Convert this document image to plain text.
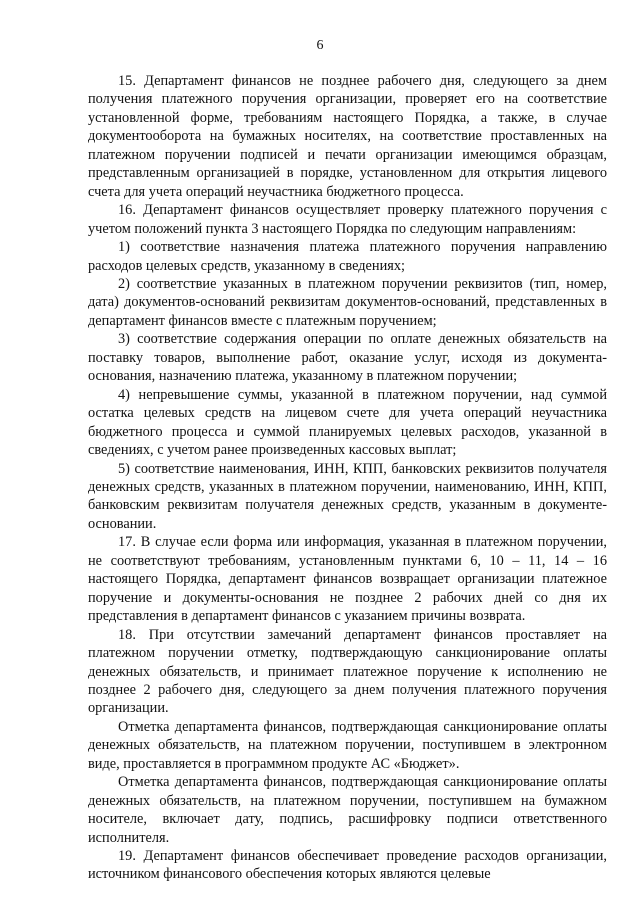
6

15. Департамент финансов не позднее рабочего дня, следующего за днем получения платежного поручения организации, проверяет его на соответствие установленной форме, требованиям настоящего Порядка, а также, в случае документооборота на бумажных носителях, на соответствие проставленных на платежном поручении подписей и печати организации имеющимся образцам, представленным организацией в порядке, установленном для открытия лицевого счета для учета операций неучастника бюджетного процесса.

16. Департамент финансов осуществляет проверку платежного поручения с учетом положений пункта 3 настоящего Порядка по следующим направлениям:

1) соответствие назначения платежа платежного поручения направлению расходов целевых средств, указанному в сведениях;

2) соответствие указанных в платежном поручении реквизитов (тип, номер, дата) документов-оснований реквизитам документов-оснований, представленных в департамент финансов вместе с платежным поручением;

3) соответствие содержания операции по оплате денежных обязательств на поставку товаров, выполнение работ, оказание услуг, исходя из документа-основания, назначению платежа, указанному в платежном поручении;

4) непревышение суммы, указанной в платежном поручении, над суммой остатка целевых средств на лицевом счете для учета операций неучастника бюджетного процесса и суммой планируемых целевых расходов, указанной в сведениях, с учетом ранее произведенных кассовых выплат;

5) соответствие наименования, ИНН, КПП, банковских реквизитов получателя денежных средств, указанных в платежном поручении, наименованию, ИНН, КПП, банковским реквизитам получателя денежных средств, указанным в документе-основании.

17. В случае если форма или информация, указанная в платежном поручении, не соответствуют требованиям, установленным пунктами 6, 10 – 11, 14 – 16 настоящего Порядка, департамент финансов возвращает организации платежное поручение и документы-основания не позднее 2 рабочих дней со дня их представления в департамент финансов с указанием причины возврата.

18. При отсутствии замечаний департамент финансов проставляет на платежном поручении отметку, подтверждающую санкционирование оплаты денежных обязательств, и принимает платежное поручение к исполнению не позднее 2 рабочего дня, следующего за днем получения платежного поручения организации.

Отметка департамента финансов, подтверждающая санкционирование оплаты денежных обязательств, на платежном поручении, поступившем в электронном виде, проставляется в программном продукте АС «Бюджет».

Отметка департамента финансов, подтверждающая санкционирование оплаты денежных обязательств, на платежном поручении, поступившем на бумажном носителе, включает дату, подпись, расшифровку подписи ответственного исполнителя.

19. Департамент финансов обеспечивает проведение расходов организации, источником финансового обеспечения которых являются целевые
